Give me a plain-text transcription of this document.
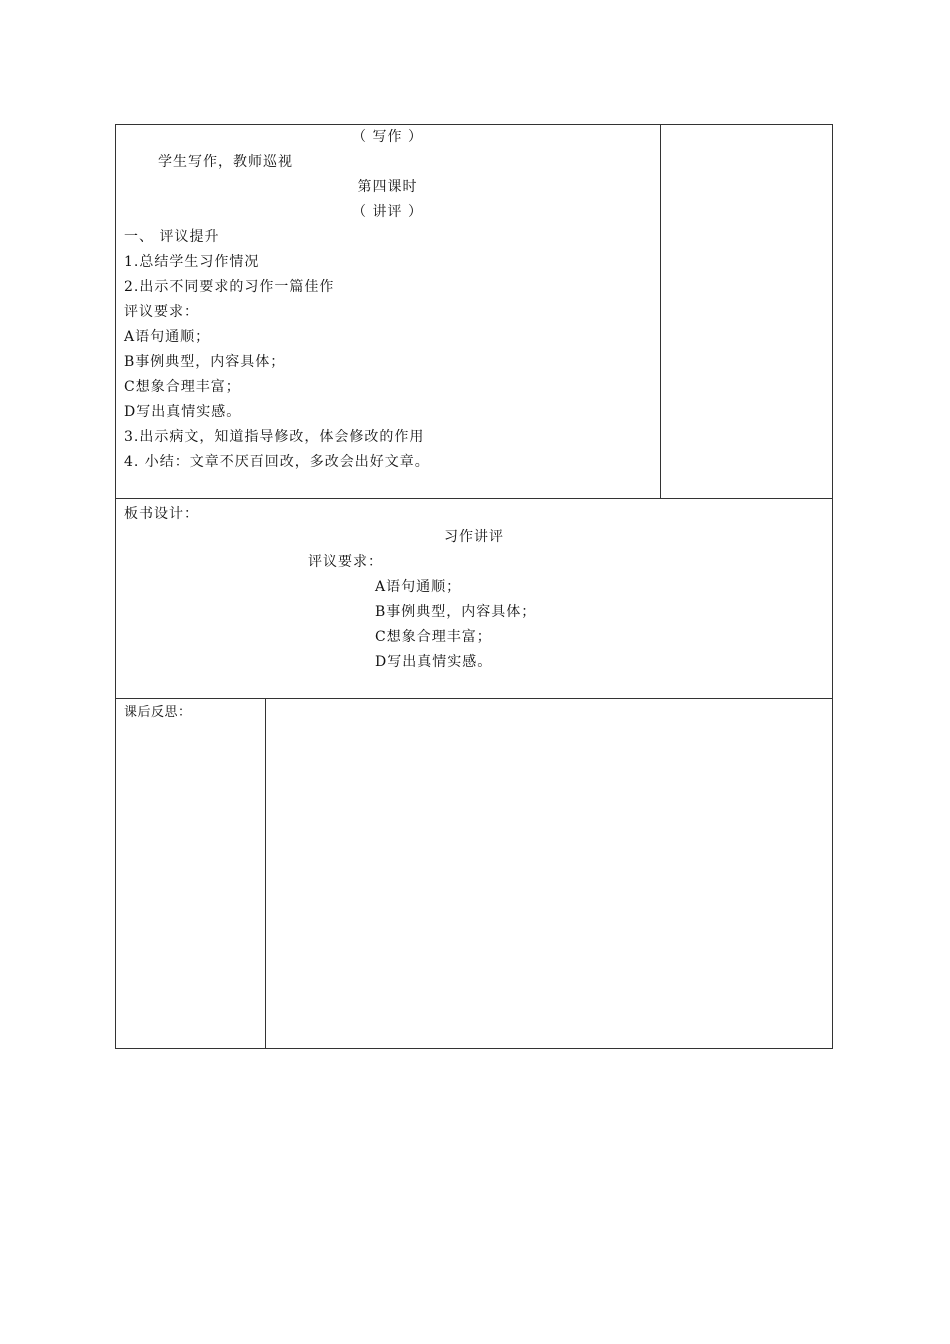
（ 写作 ）
学生写作，教师巡视
第四课时
（ 讲评 ）
一、 评议提升
1.总结学生习作情况
2.出示不同要求的习作一篇佳作
评议要求：
A语句通顺；
B事例典型，内容具体；
C想象合理丰富；
D写出真情实感。
3.出示病文，知道指导修改，体会修改的作用
4. 小结：文章不厌百回改，多改会出好文章。
板书设计：
习作讲评
评议要求：
A语句通顺；
B事例典型，内容具体；
C想象合理丰富；
D写出真情实感。
课后反思：
